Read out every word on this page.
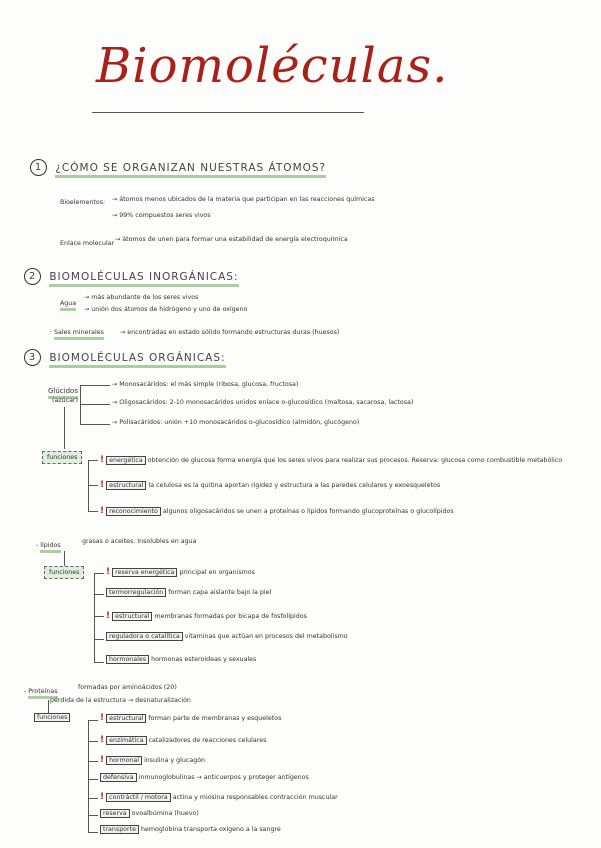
Biomoléculas.
1 ¿CÓMO SE ORGANIZAN NUESTRAS ÁTOMOS?
Bioelementos: → átomos menos ubicados de la materia que participan en las reacciones químicas
→ 99% compuestos seres vivos
Enlace molecular
→ átomos de unen para formar una estabilidad de energía electroquímica
2 BIOMOLÉCULAS INORGÁNICAS:
Agua
→ más abundante de los seres vivos
→ unión dos átomos de hidrógeno y uno de oxígeno
· Sales minerales	→ encontradas en estado sólido formando estructuras duras (huesos)
3 BIOMOLÉCULAS ORGÁNICAS:
Glúcidos
(azúcar)
→ Monosacáridos: el más simple (ribosa, glucosa, fructosa)
→ Oligosacáridos: 2-10 monosacáridos unidos enlace o-glucosídico (maltosa, sacarosa, lactosa)
→ Polisacáridos: unión +10 monosacáridos o-glucosídico (almidón, glucógeno)
funciones	! energética obtención de glucosa forma energía que los seres vivos para realizar sus procesos. Reserva: glucosa como combustible metabólico
! estructural la celulosa es la quitina aportan rigidez y estructura a las paredes celulares y exoesqueletos
! reconocimiento algunos oligosacáridos se unen a proteínas o lípidos formando glucoproteínas o glucolípidos
- lípidos
grasas o aceites. Insolubles en agua
funciones	! reserva energética principal en organismos
termorregulación forman capa aislante bajo la piel
! estructural membranas formadas por bicapa de fosfolípidos
reguladora o catalítica vitaminas que actúan en procesos del metabolismo
hormonales hormonas esteroideas y sexuales
- Proteínas
formadas por aminoácidos (20)
pérdida de la estructura → desnaturalización
funciones	! estructural forman parte de membranas y esqueletos
! enzimática catalizadores de reacciones celulares
! hormonal insulina y glucagón
defensiva inmunoglobulinas → anticuerpos y proteger antígenos
! contráctil / motora actina y miosina responsables contracción muscular
reserva ovoalbúmina (huevo)
transporte hemoglobina transporta oxígeno a la sangre
